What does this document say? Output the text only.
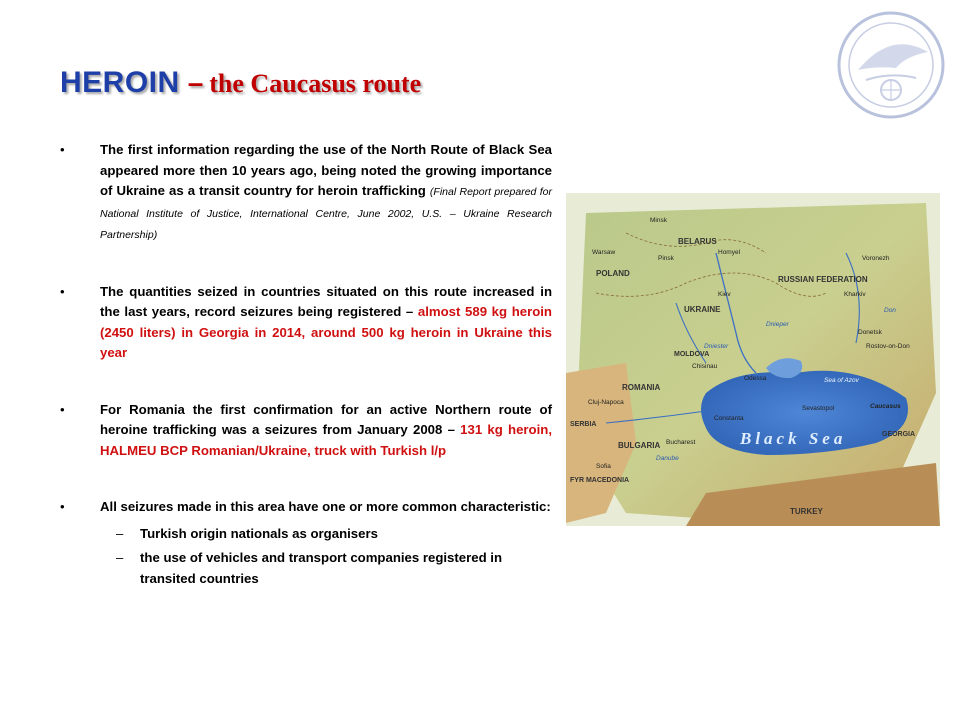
HEROIN – the Caucasus route
•	The first information regarding the use of the North Route of Black Sea appeared more then 10 years ago, being noted the growing importance of Ukraine as a transit country for heroin trafficking (Final Report prepared for National Institute of Justice, International Centre, June 2002, U.S. – Ukraine Research Partnership)
•	The quantities seized in countries situated on this route increased in the last years, record seizures being registered – almost 589 kg heroin (2450 liters) in Georgia in 2014, around 500 kg heroin in Ukraine this year
•	For Romania the first confirmation for an active Northern route of heroine trafficking was a seizures from January 2008 – 131 kg heroin, HALMEU BCP Romanian/Ukraine, truck with Turkish l/p
•	All seizures made in this area have one or more common characteristic:
– Turkish origin nationals as organisers
– the use of vehicles and transport companies registered in transited countries
BELARUS
RUSSIAN FEDERATION
UKRAINE
POLAND
MOLDOVA
ROMANIA
BULGARIA
TURKEY
GEORGIA
SERBIA
FYR MACEDONIA
Minsk
Warsaw	Homyel
Pinsk	Voronezh
Kharkiv
Kiev
Donetsk
Rostov-on-Don
Odessa
Chisinau
Cluj-Napoca
Bucharest
Constanta
Sofia
Sevastopol
Sea of Azov
Black Sea
Dniester
Dnieper
Danube
Don
Caucasus
